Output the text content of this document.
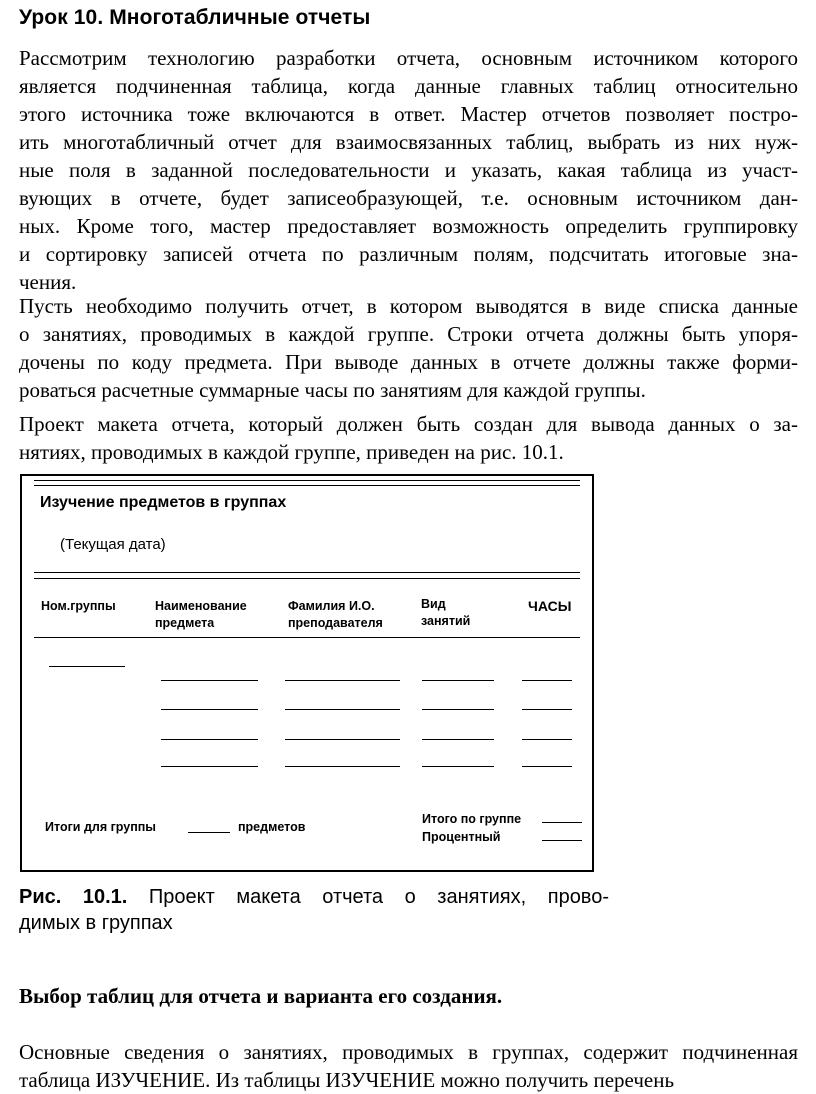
Урок 10. Многотабличные отчеты
Рассмотрим технологию разработки отчета, основным источником которого
является подчиненная таблица, когда данные главных таблиц относительно
этого источника тоже включаются в ответ. Мастер отчетов позволяет постро-
ить многотабличный отчет для взаимосвязанных таблиц, выбрать из них нуж-
ные поля в заданной последовательности и указать, какая таблица из участ-
вующих в отчете, будет записеобразующей, т.е. основным источником дан-
ных. Кроме того, мастер предоставляет возможность определить группировку
и сортировку записей отчета по различным полям, подсчитать итоговые зна-
чения.
Пусть необходимо получить отчет, в котором выводятся в виде списка данные
о занятиях, проводимых в каждой группе. Строки отчета должны быть упоря-
дочены по коду предмета. При выводе данных в отчете должны также форми-
роваться расчетные суммарные часы по занятиям для каждой группы.
Проект макета отчета, который должен быть создан для вывода данных о за-
нятиях, проводимых в каждой группе, приведен на рис. 10.1.
Изучение предметов в группах
(Текущая дата)
Ном.группы	Наименование
предмета
Фамилия И.О.
преподавателя
Вид
занятий
ЧАСЫ
Итоги для группы	предметов
Итого по группе
Процентный
Рис. 10.1. Проект макета отчета о занятиях, прово-
димых в группах
Выбор таблиц для отчета и варианта его создания.
Основные сведения о занятиях, проводимых в группах, содержит подчиненная
таблица ИЗУЧЕНИЕ. Из таблицы ИЗУЧЕНИЕ можно получить перечень
